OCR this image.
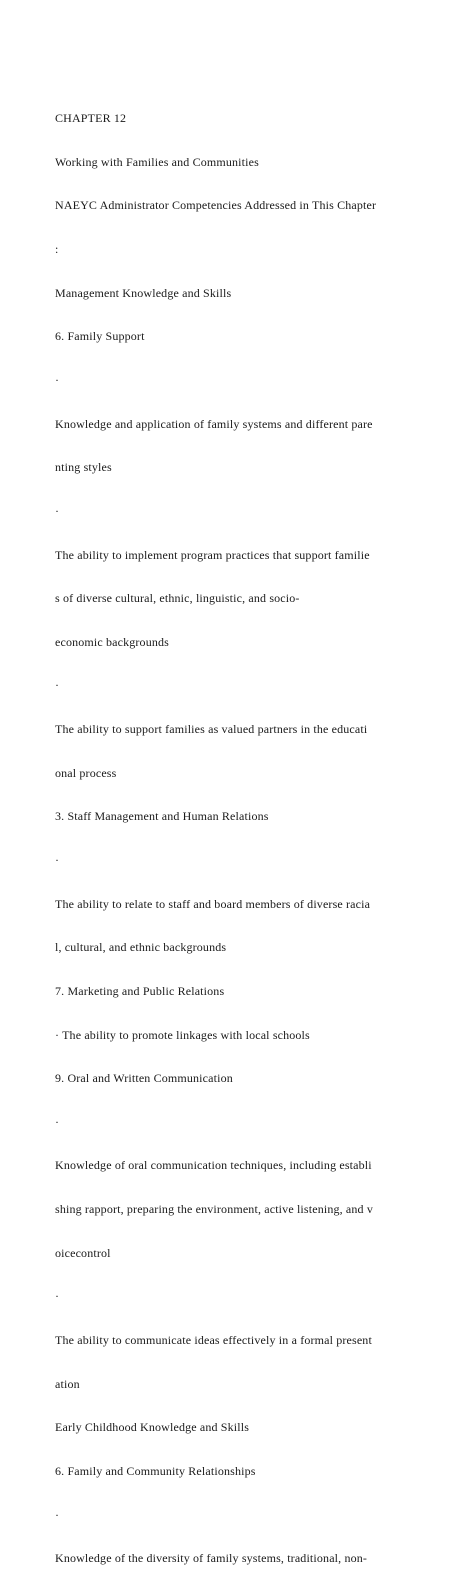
CHAPTER 12

Working with Families and Communities

NAEYC Administrator Competencies Addressed in This Chapter

:

Management Knowledge and Skills

6. Family Support

·

Knowledge and application of family systems and different pare

nting styles

·

The ability to implement program practices that support familie

s of diverse cultural, ethnic, linguistic, and socio-

economic backgrounds

·

The ability to support families as valued partners in the educati

onal process

3. Staff Management and Human Relations

·

The ability to relate to staff and board members of diverse racia

l, cultural, and ethnic backgrounds

7. Marketing and Public Relations

· The ability to promote linkages with local schools

9. Oral and Written Communication

·

Knowledge of oral communication techniques, including establi

shing rapport, preparing the environment, active listening, and v

oicecontrol

·

The ability to communicate ideas effectively in a formal present

ation

Early Childhood Knowledge and Skills

6. Family and Community Relationships

·

Knowledge of the diversity of family systems, traditional, non-
